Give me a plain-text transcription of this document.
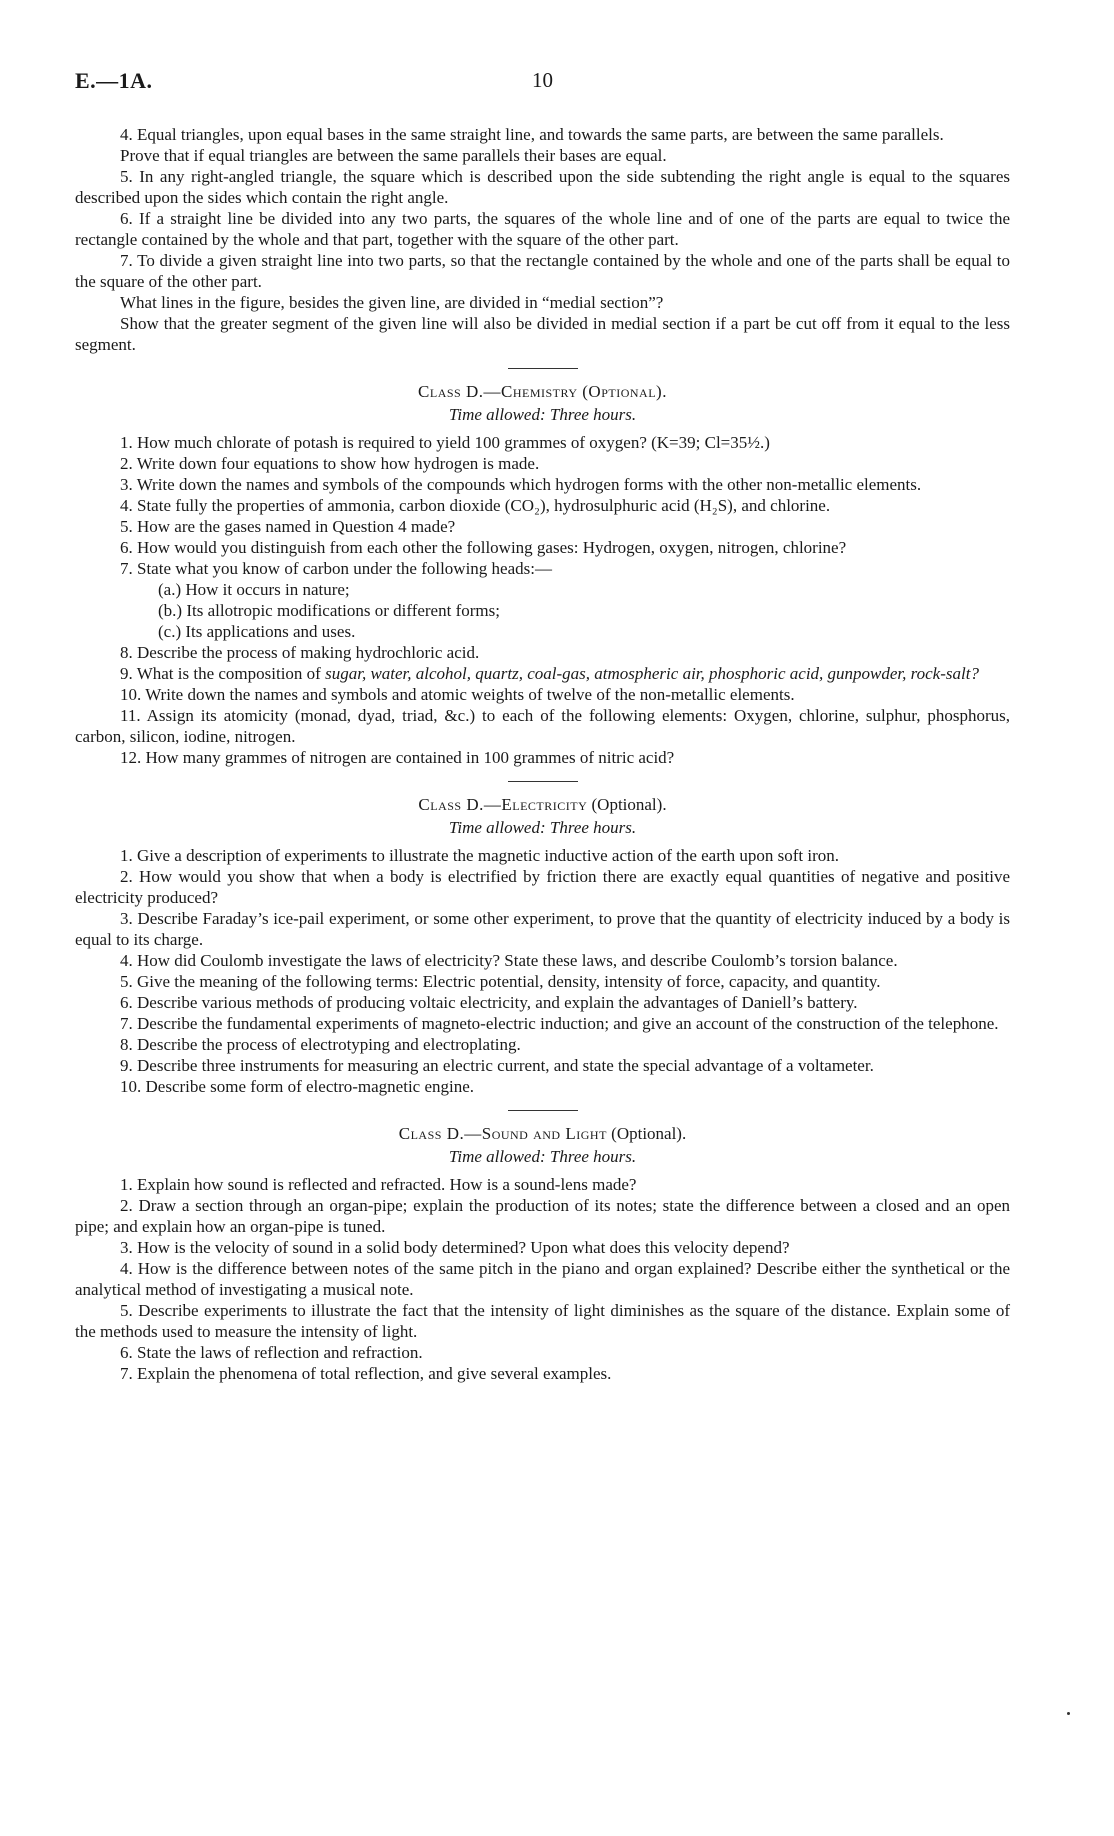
E.—1A.	10

4. Equal triangles, upon equal bases in the same straight line, and towards the same parts, are between the same parallels.

Prove that if equal triangles are between the same parallels their bases are equal.

5. In any right-angled triangle, the square which is described upon the side subtending the right angle is equal to the squares described upon the sides which contain the right angle.

6. If a straight line be divided into any two parts, the squares of the whole line and of one of the parts are equal to twice the rectangle contained by the whole and that part, together with the square of the other part.

7. To divide a given straight line into two parts, so that the rectangle contained by the whole and one of the parts shall be equal to the square of the other part.

What lines in the figure, besides the given line, are divided in “medial section”?

Show that the greater segment of the given line will also be divided in medial section if a part be cut off from it equal to the less segment.

Class D.—Chemistry (Optional).

Time allowed: Three hours.

1. How much chlorate of potash is required to yield 100 grammes of oxygen? (K=39; Cl=35½.)

2. Write down four equations to show how hydrogen is made.

3. Write down the names and symbols of the compounds which hydrogen forms with the other non-metallic elements.

4. State fully the properties of ammonia, carbon dioxide (CO₂), hydrosulphuric acid (H₂S), and chlorine.

5. How are the gases named in Question 4 made?

6. How would you distinguish from each other the following gases: Hydrogen, oxygen, nitrogen, chlorine?

7. State what you know of carbon under the following heads:—

(a.) How it occurs in nature;

(b.) Its allotropic modifications or different forms;

(c.) Its applications and uses.

8. Describe the process of making hydrochloric acid.

9. What is the composition of sugar, water, alcohol, quartz, coal-gas, atmospheric air, phosphoric acid, gunpowder, rock-salt?

10. Write down the names and symbols and atomic weights of twelve of the non-metallic elements.

11. Assign its atomicity (monad, dyad, triad, &c.) to each of the following elements: Oxygen, chlorine, sulphur, phosphorus, carbon, silicon, iodine, nitrogen.

12. How many grammes of nitrogen are contained in 100 grammes of nitric acid?

Class D.—Electricity (Optional).

Time allowed: Three hours.

1. Give a description of experiments to illustrate the magnetic inductive action of the earth upon soft iron.

2. How would you show that when a body is electrified by friction there are exactly equal quantities of negative and positive electricity produced?

3. Describe Faraday’s ice-pail experiment, or some other experiment, to prove that the quantity of electricity induced by a body is equal to its charge.

4. How did Coulomb investigate the laws of electricity? State these laws, and describe Coulomb’s torsion balance.

5. Give the meaning of the following terms: Electric potential, density, intensity of force, capacity, and quantity.

6. Describe various methods of producing voltaic electricity, and explain the advantages of Daniell’s battery.

7. Describe the fundamental experiments of magneto-electric induction; and give an account of the construction of the telephone.

8. Describe the process of electrotyping and electroplating.

9. Describe three instruments for measuring an electric current, and state the special advantage of a voltameter.

10. Describe some form of electro-magnetic engine.

Class D.—Sound and Light (Optional).

Time allowed: Three hours.

1. Explain how sound is reflected and refracted. How is a sound-lens made?

2. Draw a section through an organ-pipe; explain the production of its notes; state the difference between a closed and an open pipe; and explain how an organ-pipe is tuned.

3. How is the velocity of sound in a solid body determined? Upon what does this velocity depend?

4. How is the difference between notes of the same pitch in the piano and organ explained? Describe either the synthetical or the analytical method of investigating a musical note.

5. Describe experiments to illustrate the fact that the intensity of light diminishes as the square of the distance. Explain some of the methods used to measure the intensity of light.

6. State the laws of reflection and refraction.

7. Explain the phenomena of total reflection, and give several examples.
